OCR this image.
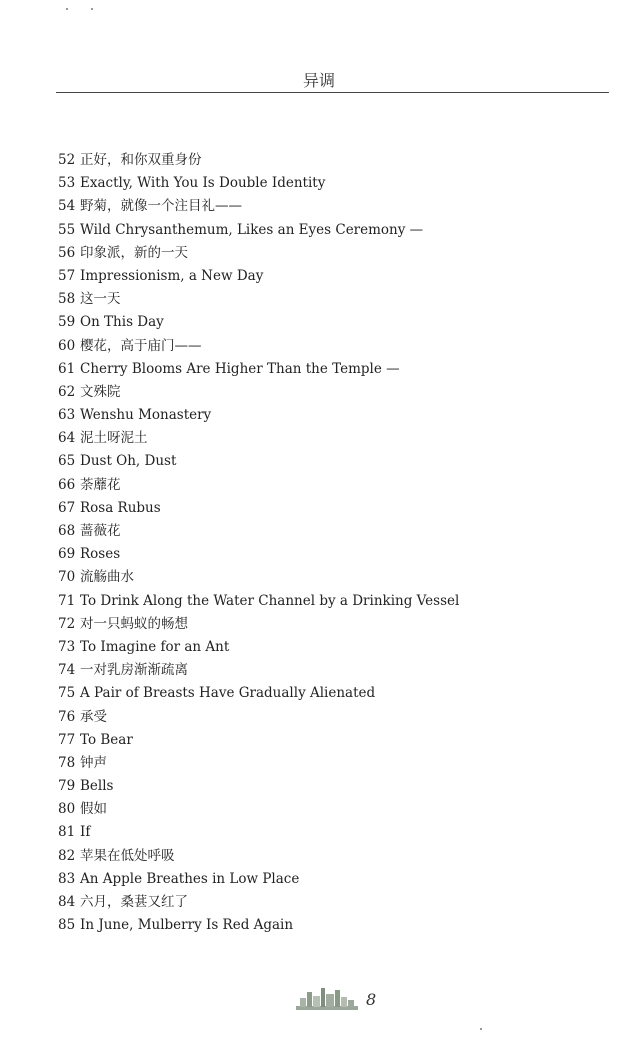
异调
52 正好，和你双重身份
53 Exactly, With You Is Double Identity
54 野菊，就像一个注目礼——
55 Wild Chrysanthemum, Likes an Eyes Ceremony —
56 印象派，新的一天
57 Impressionism, a New Day
58 这一天
59 On This Day
60 樱花，高于庙门——
61 Cherry Blooms Are Higher Than the Temple —
62 文殊院
63 Wenshu Monastery
64 泥土呀泥土
65 Dust Oh, Dust
66 荼蘼花
67 Rosa Rubus
68 蔷薇花
69 Roses
70 流觞曲水
71 To Drink Along the Water Channel by a Drinking Vessel
72 对一只蚂蚁的畅想
73 To Imagine for an Ant
74 一对乳房渐渐疏离
75 A Pair of Breasts Have Gradually Alienated
76 承受
77 To Bear
78 钟声
79 Bells
80 假如
81 If
82 苹果在低处呼吸
83 An Apple Breathes in Low Place
84 六月，桑葚又红了
85 In June, Mulberry Is Red Again
8
